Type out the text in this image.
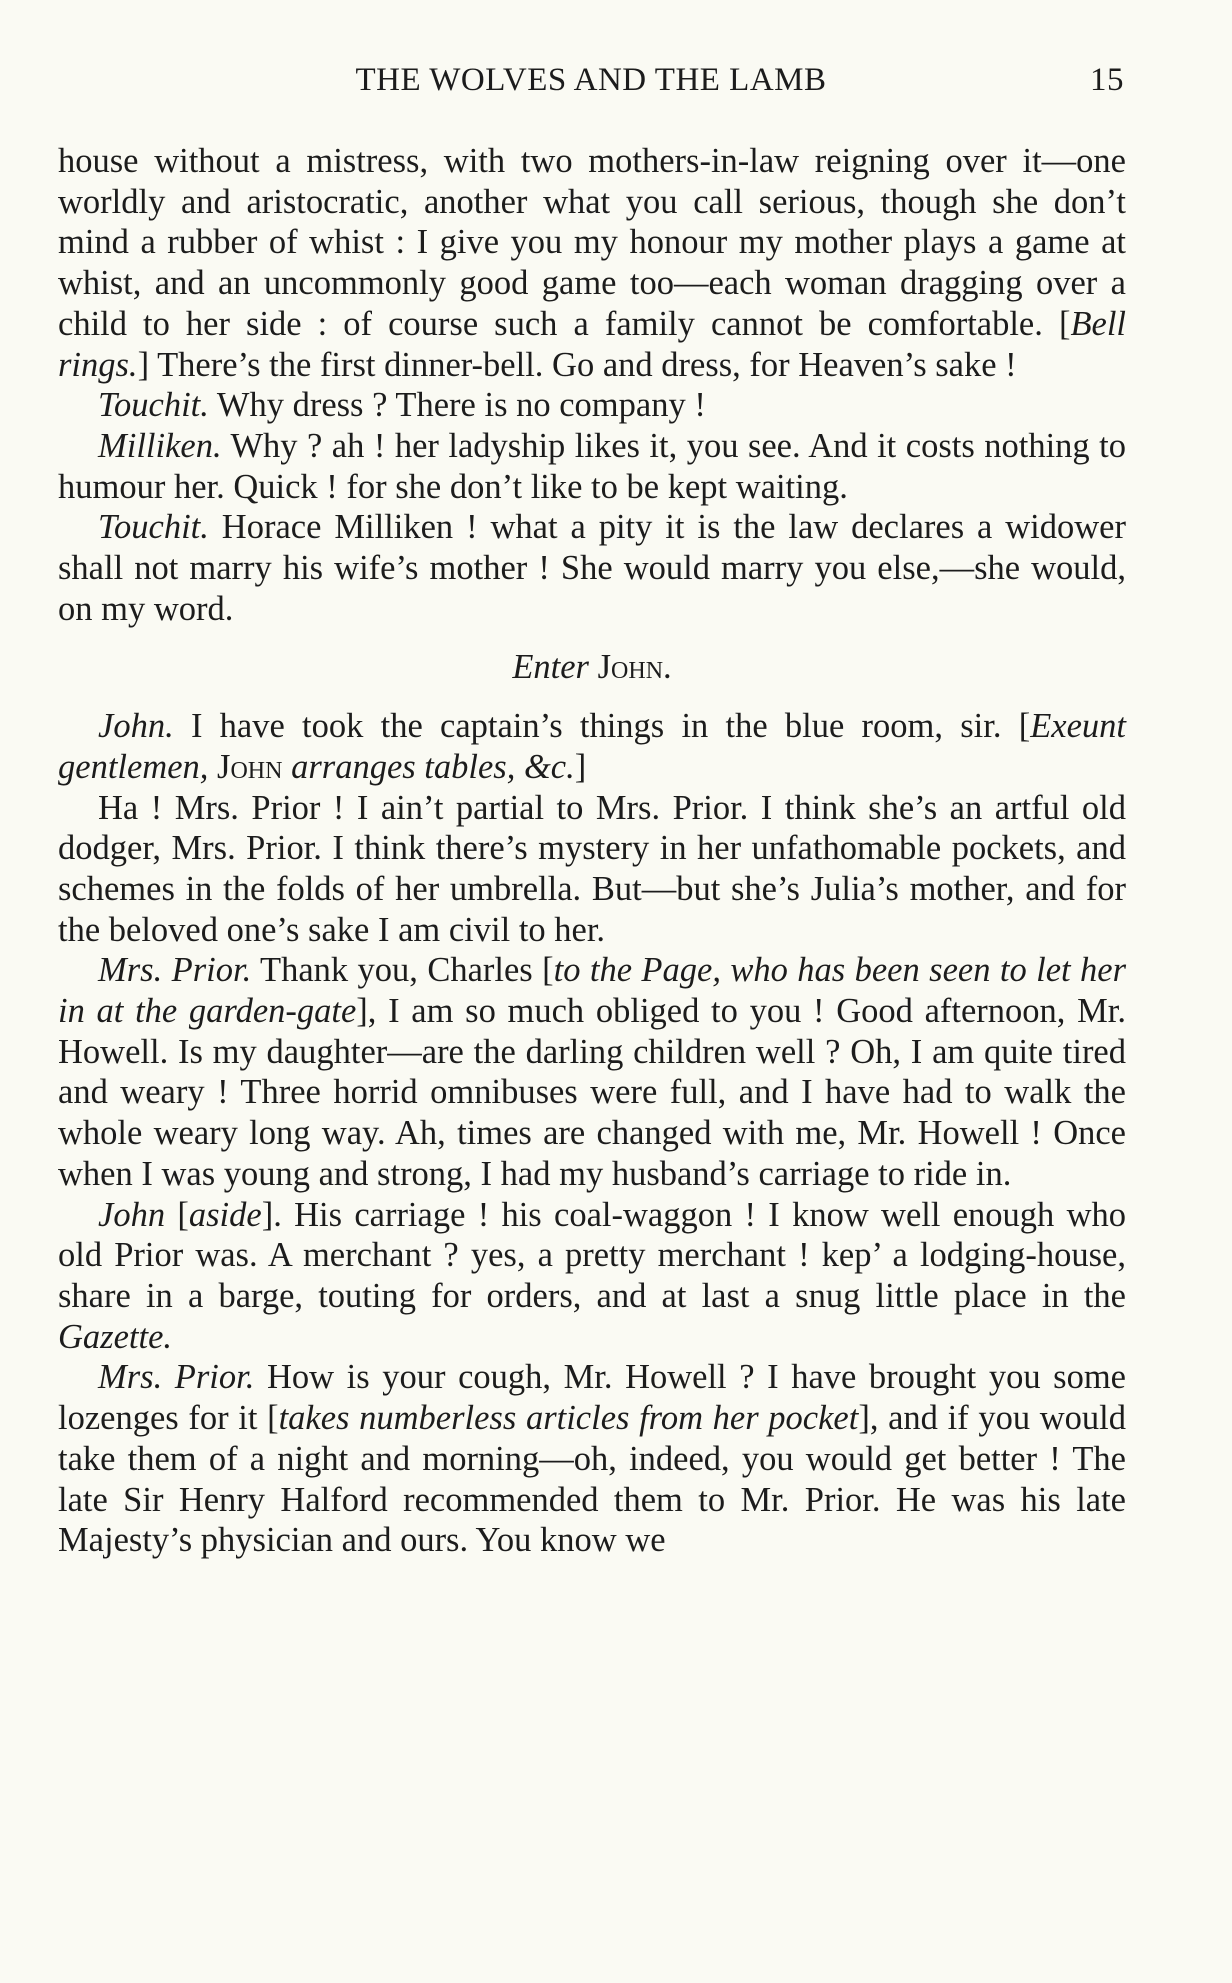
THE WOLVES AND THE LAMB	15

house without a mistress, with two mothers-in-law reigning over it—one worldly and aristocratic, another what you call serious, though she don’t mind a rubber of whist : I give you my honour my mother plays a game at whist, and an uncommonly good game too—each woman dragging over a child to her side : of course such a family cannot be comfortable. [Bell rings.] There’s the first dinner-bell. Go and dress, for Heaven’s sake !

Touchit. Why dress ? There is no company !

Milliken. Why ? ah ! her ladyship likes it, you see. And it costs nothing to humour her. Quick ! for she don’t like to be kept waiting.

Touchit. Horace Milliken ! what a pity it is the law declares a widower shall not marry his wife’s mother ! She would marry you else,—she would, on my word.

Enter John.

John. I have took the captain’s things in the blue room, sir. [Exeunt gentlemen, John arranges tables, &c.]

Ha ! Mrs. Prior ! I ain’t partial to Mrs. Prior. I think she’s an artful old dodger, Mrs. Prior. I think there’s mystery in her unfathomable pockets, and schemes in the folds of her umbrella. But—but she’s Julia’s mother, and for the beloved one’s sake I am civil to her.

Mrs. Prior. Thank you, Charles [to the Page, who has been seen to let her in at the garden-gate], I am so much obliged to you ! Good afternoon, Mr. Howell. Is my daughter—are the darling children well ? Oh, I am quite tired and weary ! Three horrid omnibuses were full, and I have had to walk the whole weary long way. Ah, times are changed with me, Mr. Howell ! Once when I was young and strong, I had my husband’s carriage to ride in.

John [aside]. His carriage ! his coal-waggon ! I know well enough who old Prior was. A merchant ? yes, a pretty merchant ! kep’ a lodging-house, share in a barge, touting for orders, and at last a snug little place in the Gazette.

Mrs. Prior. How is your cough, Mr. Howell ? I have brought you some lozenges for it [takes numberless articles from her pocket], and if you would take them of a night and morning—oh, indeed, you would get better ! The late Sir Henry Halford recommended them to Mr. Prior. He was his late Majesty’s physician and ours. You know we
